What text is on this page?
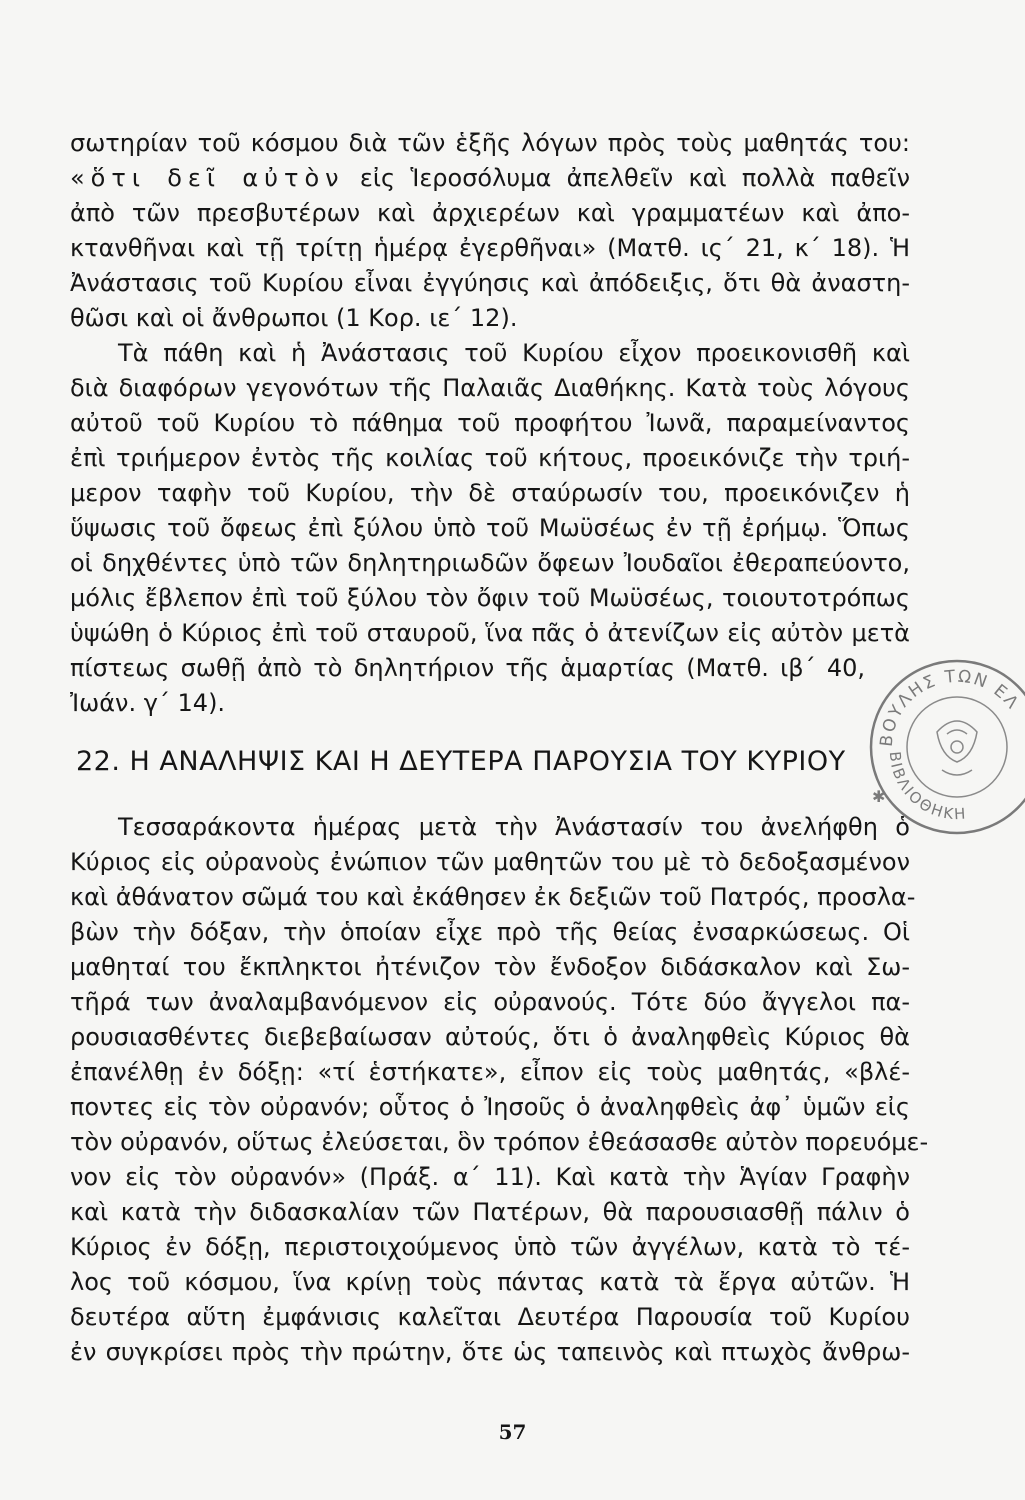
σωτηρίαν τοῦ κόσμου διὰ τῶν ἑξῆς λόγων πρὸς τοὺς μαθητάς του:
«ὅτι δεῖ αὐτὸν εἰς Ἱεροσόλυμα ἀπελθεῖν καὶ πολλὰ παθεῖν
ἀπὸ τῶν πρεσβυτέρων καὶ ἀρχιερέων καὶ γραμματέων καὶ ἀπο-
κτανθῆναι καὶ τῇ τρίτῃ ἡμέρᾳ ἐγερθῆναι» (Ματθ. ις΄ 21, κ΄ 18). Ἡ
Ἀνάστασις τοῦ Κυρίου εἶναι ἐγγύησις καὶ ἀπόδειξις, ὅτι θὰ ἀναστη-
θῶσι καὶ οἱ ἄνθρωποι (1 Κορ. ιε΄ 12).
Τὰ πάθη καὶ ἡ Ἀνάστασις τοῦ Κυρίου εἶχον προεικονισθῆ καὶ
διὰ διαφόρων γεγονότων τῆς Παλαιᾶς Διαθήκης. Κατὰ τοὺς λόγους
αὐτοῦ τοῦ Κυρίου τὸ πάθημα τοῦ προφήτου Ἰωνᾶ, παραμείναντος
ἐπὶ τριήμερον ἐντὸς τῆς κοιλίας τοῦ κήτους, προεικόνιζε τὴν τριή-
μερον ταφὴν τοῦ Κυρίου, τὴν δὲ σταύρωσίν του, προεικόνιζεν ἡ
ὕψωσις τοῦ ὄφεως ἐπὶ ξύλου ὑπὸ τοῦ Μωϋσέως ἐν τῇ ἐρήμῳ. Ὅπως
οἱ δηχθέντες ὑπὸ τῶν δηλητηριωδῶν ὄφεων Ἰουδαῖοι ἐθεραπεύοντο,
μόλις ἔβλεπον ἐπὶ τοῦ ξύλου τὸν ὄφιν τοῦ Μωϋσέως, τοιουτοτρόπως
ὑψώθη ὁ Κύριος ἐπὶ τοῦ σταυροῦ, ἵνα πᾶς ὁ ἀτενίζων εἰς αὐτὸν μετὰ
πίστεως σωθῇ ἀπὸ τὸ δηλητήριον τῆς ἁμαρτίας (Ματθ. ιβ΄ 40,
Ἰωάν. γ΄ 14).
22. Η ΑΝΑΛΗΨΙΣ ΚΑΙ Η ΔΕΥΤΕΡΑ ΠΑΡΟΥΣΙΑ ΤΟΥ ΚΥΡΙΟΥ
Τεσσαράκοντα ἡμέρας μετὰ τὴν Ἀνάστασίν του ἀνελήφθη ὁ
Κύριος εἰς οὐρανοὺς ἐνώπιον τῶν μαθητῶν του μὲ τὸ δεδοξασμένον
καὶ ἀθάνατον σῶμά του καὶ ἐκάθησεν ἐκ δεξιῶν τοῦ Πατρός, προσλα-
βὼν τὴν δόξαν, τὴν ὁποίαν εἶχε πρὸ τῆς θείας ἐνσαρκώσεως. Οἱ
μαθηταί του ἔκπληκτοι ἠτένιζον τὸν ἔνδοξον διδάσκαλον καὶ Σω-
τῆρά των ἀναλαμβανόμενον εἰς οὐρανούς. Τότε δύο ἄγγελοι πα-
ρουσιασθέντες διεβεβαίωσαν αὐτούς, ὅτι ὁ ἀναληφθεὶς Κύριος θὰ
ἐπανέλθῃ ἐν δόξῃ: «τί ἑστήκατε», εἶπον εἰς τοὺς μαθητάς, «βλέ-
ποντες εἰς τὸν οὐρανόν; οὗτος ὁ Ἰησοῦς ὁ ἀναληφθεὶς ἀφ᾽ ὑμῶν εἰς
τὸν οὐρανόν, οὕτως ἐλεύσεται, ὃν τρόπον ἐθεάσασθε αὐτὸν πορευόμε-
νον εἰς τὸν οὐρανόν» (Πράξ. α΄ 11). Καὶ κατὰ τὴν Ἁγίαν Γραφὴν
καὶ κατὰ τὴν διδασκαλίαν τῶν Πατέρων, θὰ παρουσιασθῇ πάλιν ὁ
Κύριος ἐν δόξῃ, περιστοιχούμενος ὑπὸ τῶν ἀγγέλων, κατὰ τὸ τέ-
λος τοῦ κόσμου, ἵνα κρίνῃ τοὺς πάντας κατὰ τὰ ἔργα αὐτῶν. Ἡ
δευτέρα αὕτη ἐμφάνισις καλεῖται Δευτέρα Παρουσία τοῦ Κυρίου
ἐν συγκρίσει πρὸς τὴν πρώτην, ὅτε ὡς ταπεινὸς καὶ πτωχὸς ἄνθρω-
57
ΒΟΥΛΗΣ ΤΩΝ ΕΛ
ΒΙΒΛΙΟΘΗΚΗ
✱
